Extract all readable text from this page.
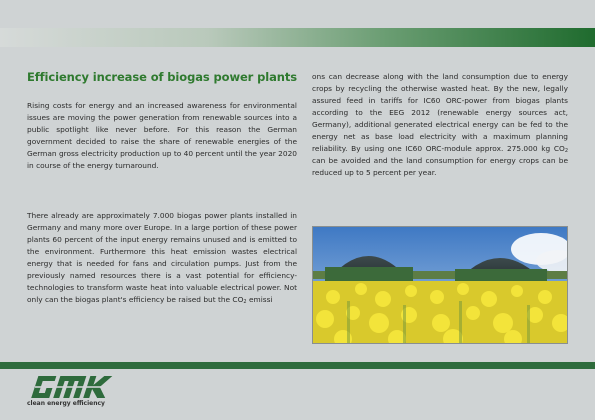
Efficiency increase of biogas power plants

Rising costs for energy and an increased awareness for environmental issues are moving the power generation from renewable sources into a public spotlight like never before. For this reason the German government decided to raise the share of renewable energies of the German gross electricity production up to 40 percent until the year 2020 in course of the energy turnaround.

There already are approximately 7.000 biogas power plants installed in Germany and many more over Europe. In a large portion of these power plants 60 percent of the input energy remains unused and is emitted to the environment. Furthermore this heat emission wastes electrical energy that is needed for fans and circulation pumps. Just from the previously named resources there is a vast potential for efficiency-technologies to transform waste heat into valuable electrical power. Not only can the biogas plant's efficiency be raised but the $CO_2$ emissi

ons can decrease along with the land consumption due to energy crops by recycling the otherwise wasted heat. By the new, legally assured feed in tariffs for IC60 ORC-power from biogas plants according to the EEG 2012 (renewable energy sources act, Germany), additional generated electrical energy can be fed to the energy net as base load electricity with a maximum planning reliability. By using one IC60 ORC-module approx. 275.000 kg $CO_2$ can be avoided and the land consumption for energy crops can be reduced up to 5 percent per year.

clean energy efficiency
